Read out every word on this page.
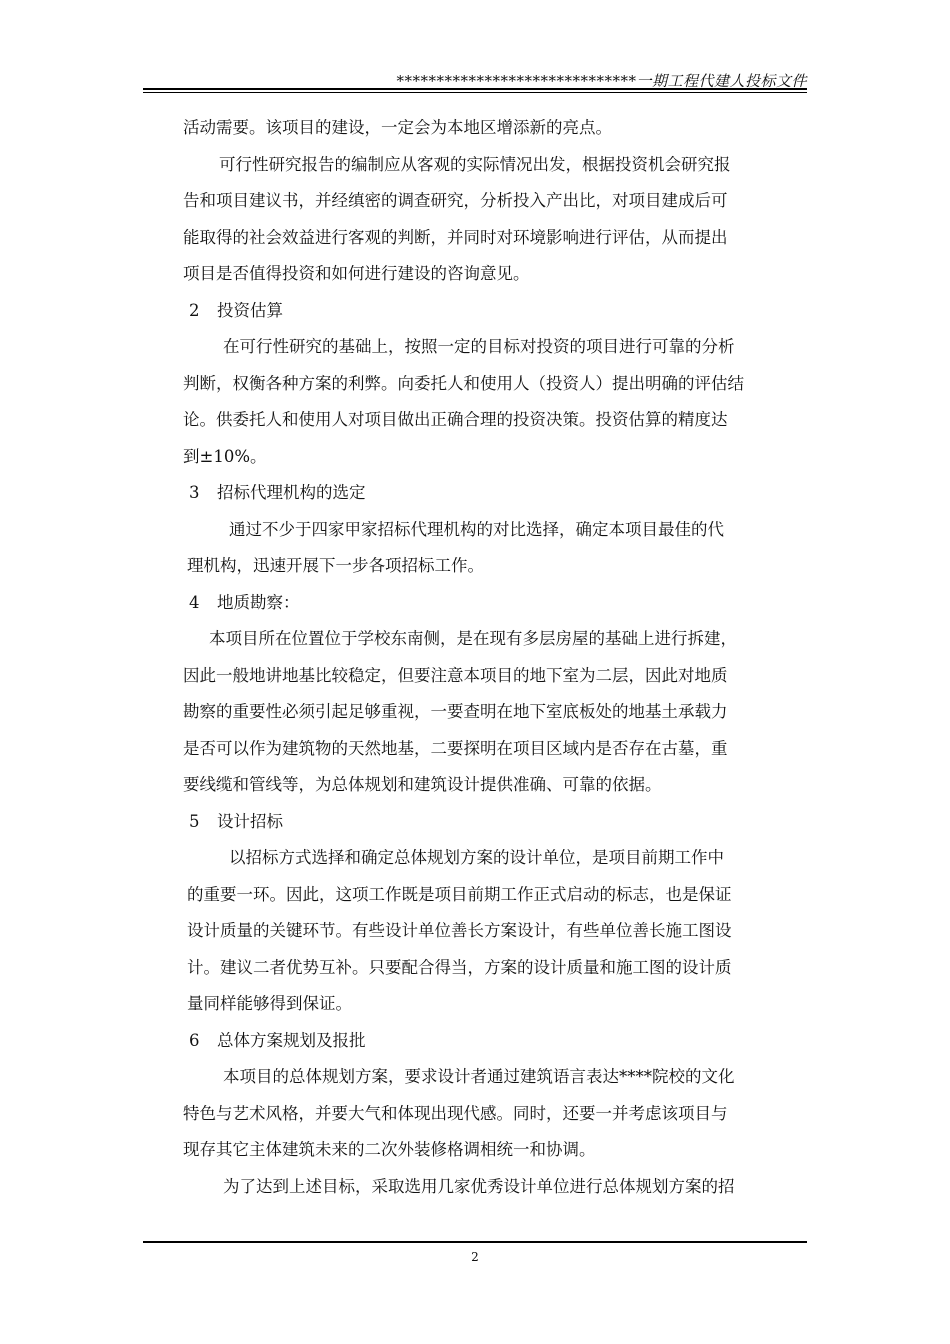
******************************一期工程代建人投标文件
活动需要。该项目的建设，一定会为本地区增添新的亮点。
可行性研究报告的编制应从客观的实际情况出发，根据投资机会研究报
告和项目建议书，并经缜密的调查研究，分析投入产出比，对项目建成后可
能取得的社会效益进行客观的判断，并同时对环境影响进行评估，从而提出
项目是否值得投资和如何进行建设的咨询意见。
2 投资估算
在可行性研究的基础上，按照一定的目标对投资的项目进行可靠的分析
判断，权衡各种方案的利弊。向委托人和使用人（投资人）提出明确的评估结
论。供委托人和使用人对项目做出正确合理的投资决策。投资估算的精度达
到±10%。
3 招标代理机构的选定
通过不少于四家甲家招标代理机构的对比选择，确定本项目最佳的代
理机构，迅速开展下一步各项招标工作。
4 地质勘察：
本项目所在位置位于学校东南侧，是在现有多层房屋的基础上进行拆建，
因此一般地讲地基比较稳定，但要注意本项目的地下室为二层，因此对地质
勘察的重要性必须引起足够重视，一要查明在地下室底板处的地基土承载力
是否可以作为建筑物的天然地基，二要探明在项目区域内是否存在古墓，重
要线缆和管线等，为总体规划和建筑设计提供准确、可靠的依据。
5 设计招标
以招标方式选择和确定总体规划方案的设计单位，是项目前期工作中
的重要一环。因此，这项工作既是项目前期工作正式启动的标志，也是保证
设计质量的关键环节。有些设计单位善长方案设计，有些单位善长施工图设
计。建议二者优势互补。只要配合得当，方案的设计质量和施工图的设计质
量同样能够得到保证。
6 总体方案规划及报批
本项目的总体规划方案，要求设计者通过建筑语言表达****院校的文化
特色与艺术风格，并要大气和体现出现代感。同时，还要一并考虑该项目与
现存其它主体建筑未来的二次外装修格调相统一和协调。
为了达到上述目标，采取选用几家优秀设计单位进行总体规划方案的招
2
